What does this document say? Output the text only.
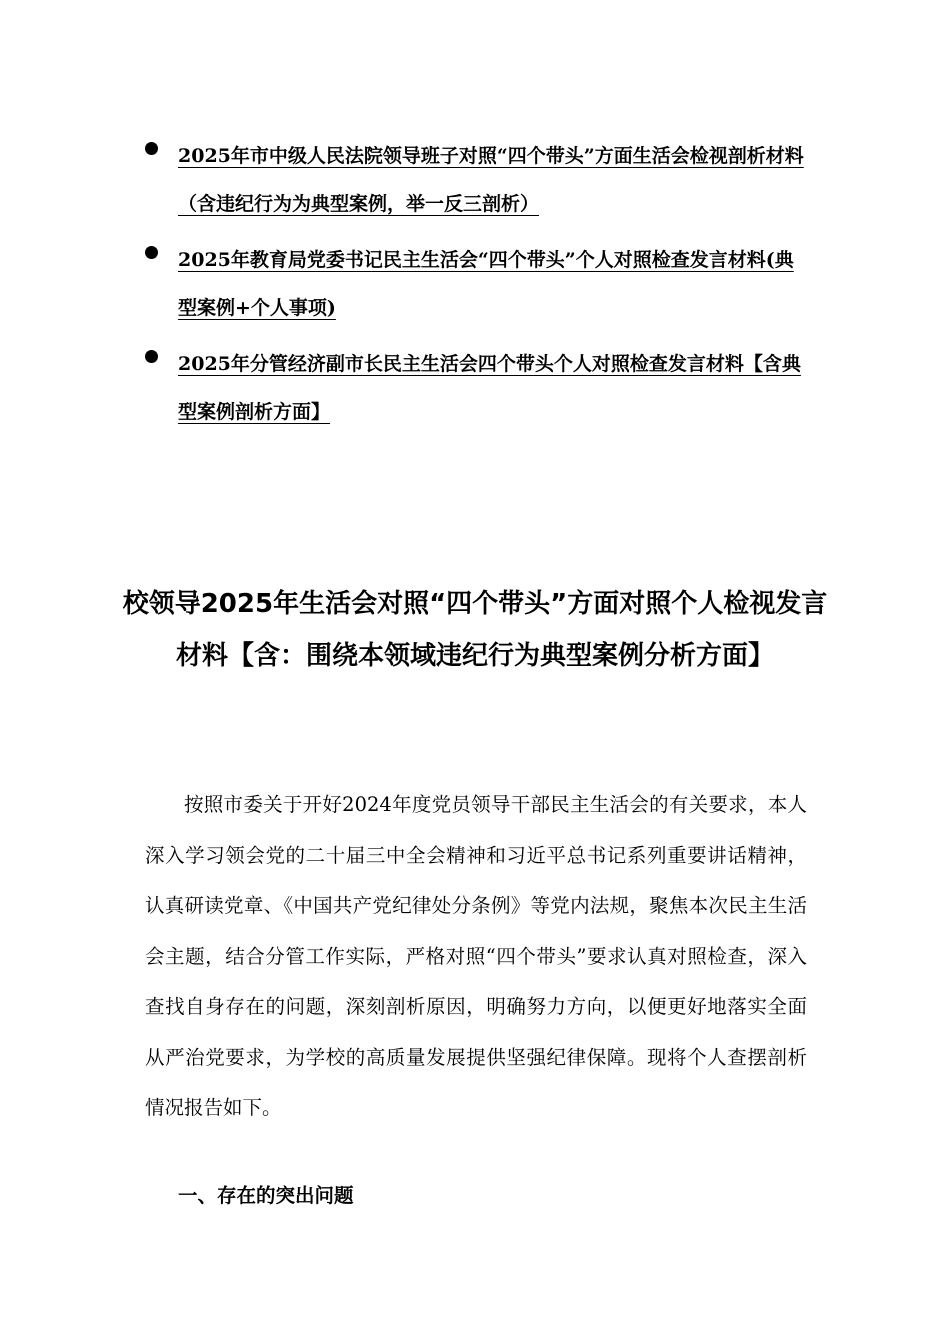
2025年市中级人民法院领导班子对照“四个带头”方面生活会检视剖析材料（含违纪行为为典型案例，举一反三剖析）
2025年教育局党委书记民主生活会“四个带头”个人对照检查发言材料(典型案例+个人事项)
2025年分管经济副市长民主生活会四个带头个人对照检查发言材料【含典型案例剖析方面】
校领导2025年生活会对照“四个带头”方面对照个人检视发言材料【含：围绕本领域违纪行为典型案例分析方面】

按照市委关于开好2024年度党员领导干部民主生活会的有关要求，本人深入学习领会党的二十届三中全会精神和习近平总书记系列重要讲话精神，认真研读党章、《中国共产党纪律处分条例》等党内法规，聚焦本次民主生活会主题，结合分管工作实际，严格对照“四个带头”要求认真对照检查，深入查找自身存在的问题，深刻剖析原因，明确努力方向，以便更好地落实全面从严治党要求，为学校的高质量发展提供坚强纪律保障。现将个人查摆剖析情况报告如下。

一、存在的突出问题
